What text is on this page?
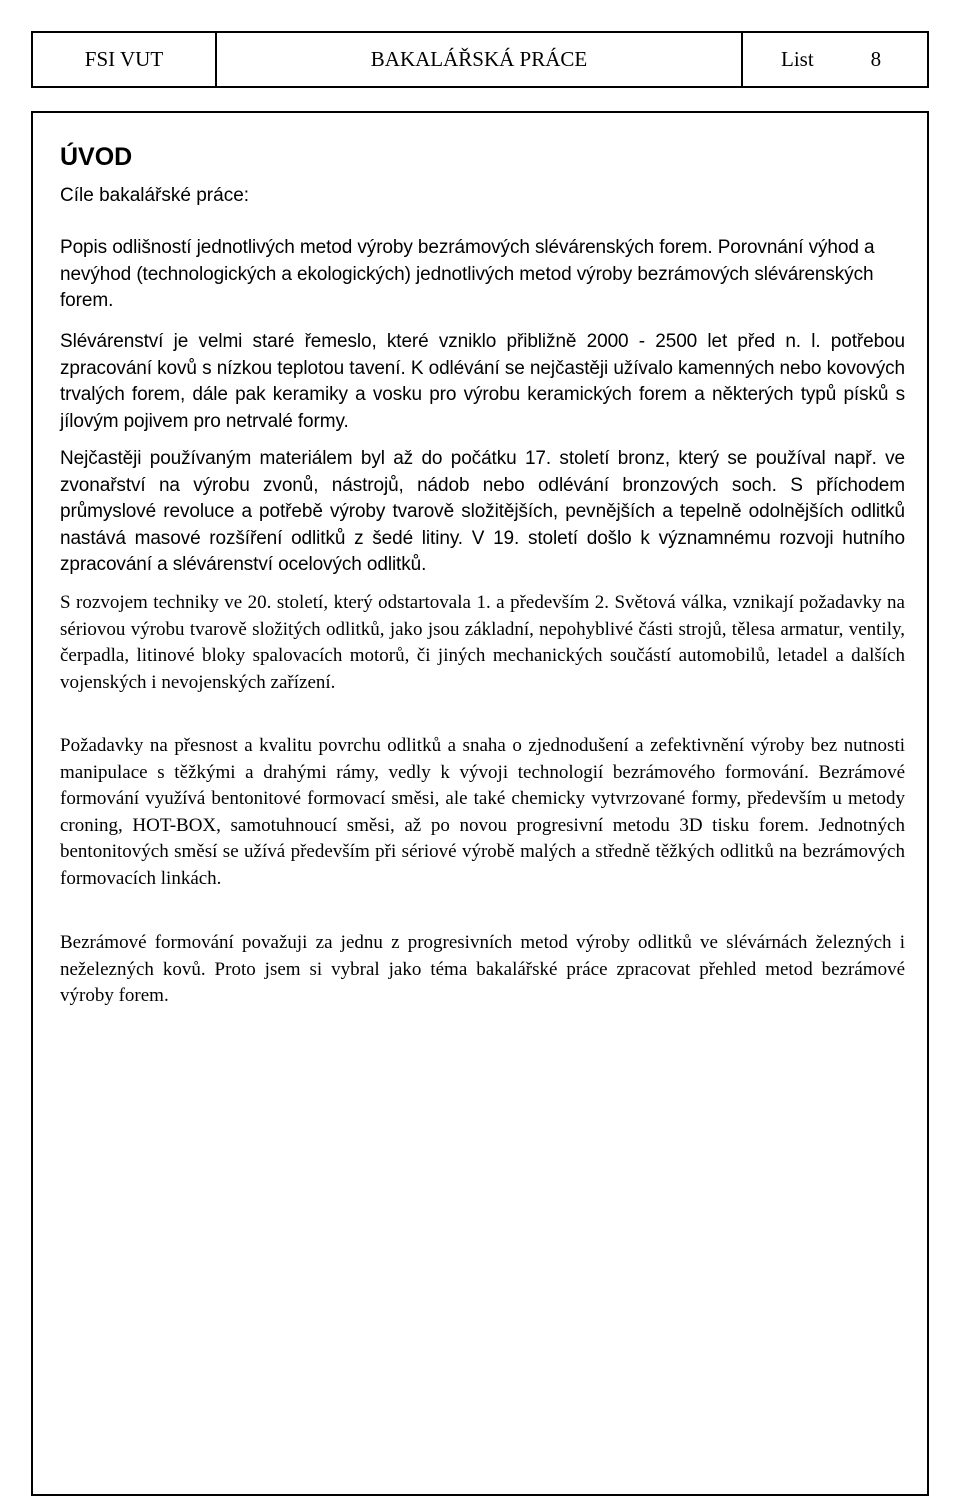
FSI VUT	BAKALÁŘSKÁ PRÁCE	List	8
ÚVOD

Cíle bakalářské práce:

Popis odlišností jednotlivých metod výroby bezrámových slévárenských forem. Porovnání výhod a nevýhod (technologických a ekologických) jednotlivých metod výroby bezrámových slévárenských forem.

Slévárenství je velmi staré řemeslo, které vzniklo přibližně 2000 - 2500 let před n. l. potřebou zpracování kovů s nízkou teplotou tavení. K odlévání se nejčastěji užívalo kamenných nebo kovových trvalých forem, dále pak keramiky a vosku pro výrobu keramických forem a některých typů písků s jílovým pojivem pro netrvalé formy.

Nejčastěji používaným materiálem byl až do počátku 17. století bronz, který se používal např. ve zvonařství na výrobu zvonů, nástrojů, nádob nebo odlévání bronzových soch. S příchodem průmyslové revoluce a potřebě výroby tvarově složitějších, pevnějších a tepelně odolnějších odlitků nastává masové rozšíření odlitků z šedé litiny. V 19. století došlo k významnému rozvoji hutního zpracování a slévárenství ocelových odlitků.

S rozvojem techniky ve 20. století, který odstartovala 1. a především 2. Světová válka, vznikají požadavky na sériovou výrobu tvarově složitých odlitků, jako jsou základní, nepohyblivé části strojů, tělesa armatur, ventily, čerpadla, litinové bloky spalovacích motorů, či jiných mechanických součástí automobilů, letadel a dalších vojenských i nevojenských zařízení.

Požadavky na přesnost a kvalitu povrchu odlitků a snaha o zjednodušení a zefektivnění výroby bez nutnosti manipulace s těžkými a drahými rámy, vedly k vývoji technologií bezrámového formování. Bezrámové formování využívá bentonitové formovací směsi, ale také chemicky vytvrzované formy, především u metody croning, HOT-BOX, samotuhnoucí směsi, až po novou progresivní metodu 3D tisku forem. Jednotných bentonitových směsí se užívá především při sériové výrobě malých a středně těžkých odlitků na bezrámových formovacích linkách.

Bezrámové formování považuji za jednu z progresivních metod výroby odlitků ve slévárnách železných i neželezných kovů. Proto jsem si vybral jako téma bakalářské práce zpracovat přehled metod bezrámové výroby forem.
